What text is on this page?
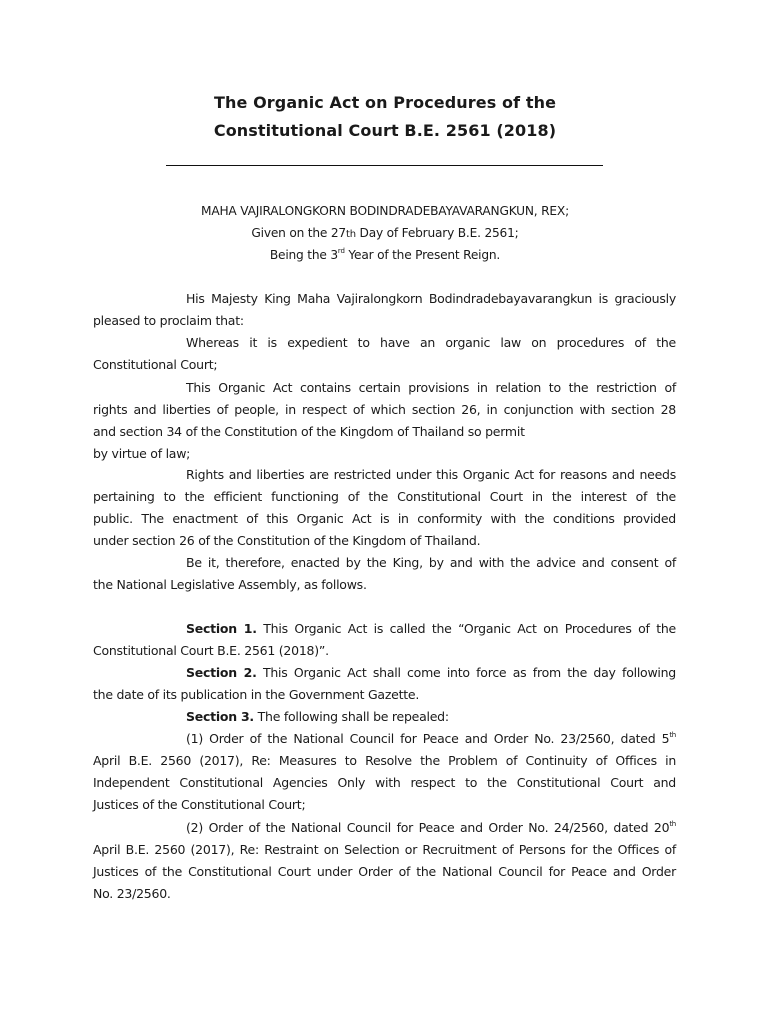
The Organic Act on Procedures of the
Constitutional Court B.E. 2561 (2018)
MAHA VAJIRALONGKORN BODINDRADEBAYAVARANGKUN, REX;
Given on the 27th Day of February B.E. 2561;
Being the 3rd Year of the Present Reign.
His Majesty King Maha Vajiralongkorn Bodindradebayavarangkun is graciously
pleased to proclaim that:
Whereas it is expedient to have an organic law on procedures of the
Constitutional Court;
This Organic Act contains certain provisions in relation to the restriction of
rights and liberties of people, in respect of which section 26, in conjunction with section 28
and section 34 of the Constitution of the Kingdom of Thailand so permit
by virtue of law;
Rights and liberties are restricted under this Organic Act for reasons and needs
pertaining to the efficient functioning of the Constitutional Court in the interest of the
public. The enactment of this Organic Act is in conformity with the conditions provided
under section 26 of the Constitution of the Kingdom of Thailand.
Be it, therefore, enacted by the King, by and with the advice and consent of
the National Legislative Assembly, as follows.
Section 1. This Organic Act is called the “Organic Act on Procedures of the
Constitutional Court B.E. 2561 (2018)”.
Section 2. This Organic Act shall come into force as from the day following
the date of its publication in the Government Gazette.
Section 3. The following shall be repealed:
(1) Order of the National Council for Peace and Order No. 23/2560, dated 5th
April B.E. 2560 (2017), Re: Measures to Resolve the Problem of Continuity of Offices in
Independent Constitutional Agencies Only with respect to the Constitutional Court and
Justices of the Constitutional Court;
(2) Order of the National Council for Peace and Order No. 24/2560, dated 20th
April B.E. 2560 (2017), Re: Restraint on Selection or Recruitment of Persons for the Offices of
Justices of the Constitutional Court under Order of the National Council for Peace and Order
No. 23/2560.
